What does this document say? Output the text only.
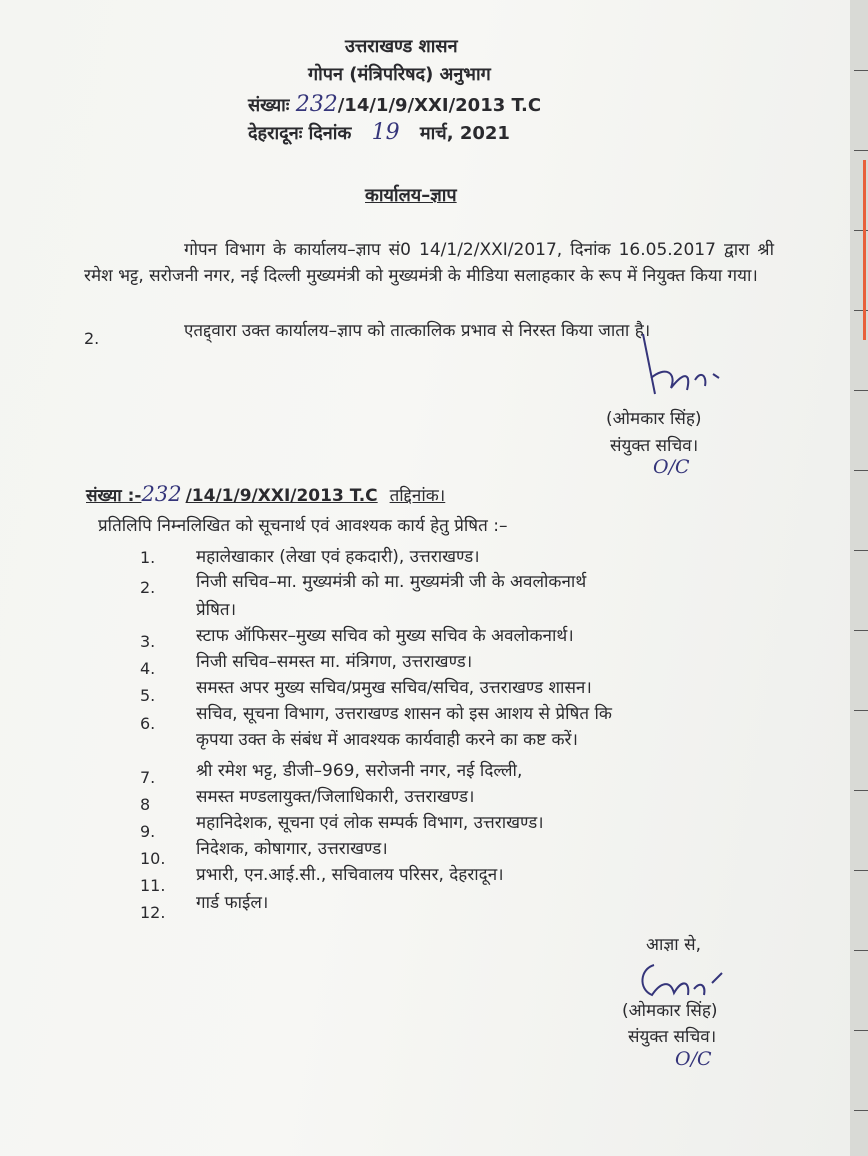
उत्तराखण्ड शासन
गोपन (मंत्रिपरिषद) अनुभाग
संख्याः 232/14/1/9/XXI/2013 T.C
देहरादूनः दिनांक 19 मार्च, 2021
कार्यालय–ज्ञाप
गोपन विभाग के कार्यालय–ज्ञाप सं0 14/1/2/XXI/2017, दिनांक 16.05.2017 द्वारा श्री रमेश भट्ट, सरोजनी नगर, नई दिल्ली मुख्यमंत्री को मुख्यमंत्री के मीडिया सलाहकार के रूप में नियुक्त किया गया।
2.	एतद्द्वारा उक्त कार्यालय–ज्ञाप को तात्कालिक प्रभाव से निरस्त किया जाता है।
(ओमकार सिंह)
संयुक्त सचिव।
O/C
संख्या :-232 /14/1/9/XXI/2013 T.C तद्दिनांक।
प्रतिलिपि निम्नलिखित को सूचनार्थ एवं आवश्यक कार्य हेतु प्रेषित :–
1. महालेखाकार (लेखा एवं हकदारी), उत्तराखण्ड।
2. निजी सचिव–मा. मुख्यमंत्री को मा. मुख्यमंत्री जी के अवलोकनार्थ
प्रेषित।
3. स्टाफ ऑफिसर–मुख्य सचिव को मुख्य सचिव के अवलोकनार्थ।
4. निजी सचिव–समस्त मा. मंत्रिगण, उत्तराखण्ड।
5. समस्त अपर मुख्य सचिव/प्रमुख सचिव/सचिव, उत्तराखण्ड शासन।
6. सचिव, सूचना विभाग, उत्तराखण्ड शासन को इस आशय से प्रेषित कि
कृपया उक्त के संबंध में आवश्यक कार्यवाही करने का कष्ट करें।
7. श्री रमेश भट्ट, डीजी–969, सरोजनी नगर, नई दिल्ली,
8	समस्त मण्डलायुक्त/जिलाधिकारी, उत्तराखण्ड।
9. महानिदेशक, सूचना एवं लोक सम्पर्क विभाग, उत्तराखण्ड।
10. निदेशक, कोषागार, उत्तराखण्ड।
11.
प्रभारी, एन.आई.सी., सचिवालय परिसर, देहरादून।
12. गार्ड फाईल।
आज्ञा से,
(ओमकार सिंह)
संयुक्त सचिव।
O/C
